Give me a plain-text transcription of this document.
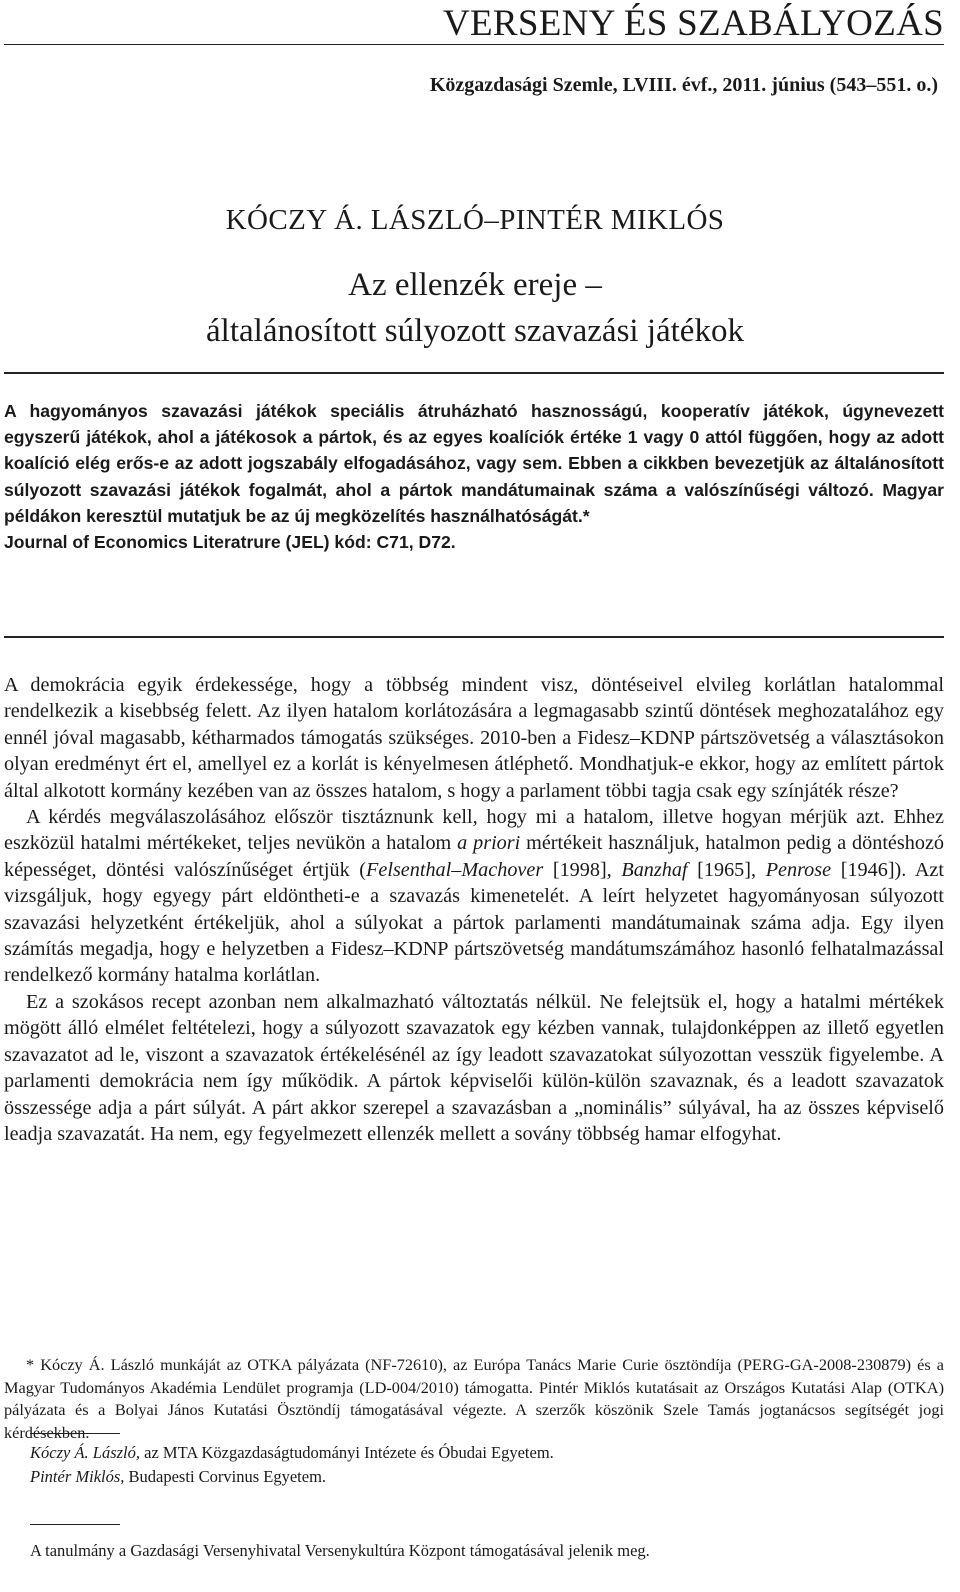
VERSENY ÉS SZABÁLYOZÁS
Közgazdasági Szemle, LVIII. évf., 2011. június (543–551. o.)
KÓCZY Á. LÁSZLÓ–PINTÉR MIKLÓS
Az ellenzék ereje –
általánosított súlyozott szavazási játékok

A hagyományos szavazási játékok speciális átruházható hasznosságú, kooperatív játékok, úgynevezett egyszerű játékok, ahol a játékosok a pártok, és az egyes koalíciók értéke 1 vagy 0 attól függően, hogy az adott koalíció elég erős-e az adott jogszabály elfogadásához, vagy sem. Ebben a cikkben bevezetjük az általánosított súlyozott szavazási játékok fogalmát, ahol a pártok mandátumainak száma a valószínűségi változó. Magyar példákon keresztül mutatjuk be az új megközelítés használhatóságát.*

Journal of Economics Literatrure (JEL) kód: C71, D72.

A demokrácia egyik érdekessége, hogy a többség mindent visz, döntéseivel elvileg korlátlan hatalommal rendelkezik a kisebbség felett. Az ilyen hatalom korlátozására a legmagasabb szintű döntések meghozatalához egy ennél jóval magasabb, kétharmados támogatás szükséges. 2010-ben a Fidesz–KDNP pártszövetség a választásokon olyan eredményt ért el, amellyel ez a korlát is kényelmesen átléphető. Mondhatjuk-e ekkor, hogy az említett pártok által alkotott kormány kezében van az összes hatalom, s hogy a parlament többi tagja csak egy színjáték része?

A kérdés megválaszolásához először tisztáznunk kell, hogy mi a hatalom, illetve hogyan mérjük azt. Ehhez eszközül hatalmi mértékeket, teljes nevükön a hatalom a priori mértékeit használjuk, hatalmon pedig a döntéshozó képességet, döntési valószínűséget értjük (Felsenthal–Machover [1998], Banzhaf [1965], Penrose [1946]). Azt vizsgáljuk, hogy egyegy párt eldöntheti-e a szavazás kimenetelét. A leírt helyzetet hagyományosan súlyozott szavazási helyzetként értékeljük, ahol a súlyokat a pártok parlamenti mandátumainak száma adja. Egy ilyen számítás megadja, hogy e helyzetben a Fidesz–KDNP pártszövetség mandátumszámához hasonló felhatalmazással rendelkező kormány hatalma korlátlan.

Ez a szokásos recept azonban nem alkalmazható változtatás nélkül. Ne felejtsük el, hogy a hatalmi mértékek mögött álló elmélet feltételezi, hogy a súlyozott szavazatok egy kézben vannak, tulajdonképpen az illető egyetlen szavazatot ad le, viszont a szavazatok értékelésénél az így leadott szavazatokat súlyozottan vesszük figyelembe. A parlamenti demokrácia nem így működik. A pártok képviselői külön-külön szavaznak, és a leadott szavazatok összessége adja a párt súlyát. A párt akkor szerepel a szavazásban a „nominális” súlyával, ha az összes képviselő leadja szavazatát. Ha nem, egy fegyelmezett ellenzék mellett a sovány többség hamar elfogyhat.

* Kóczy Á. László munkáját az OTKA pályázata (NF-72610), az Európa Tanács Marie Curie ösztöndíja (PERG-GA-2008-230879) és a Magyar Tudományos Akadémia Lendület programja (LD-004/2010) támogatta. Pintér Miklós kutatásait az Országos Kutatási Alap (OTKA) pályázata és a Bolyai János Kutatási Ösztöndíj támogatásával végezte. A szerzők köszönik Szele Tamás jogtanácsos segítségét jogi kérdésekben.

Kóczy Á. László, az MTA Közgazdaságtudományi Intézete és Óbudai Egyetem.
Pintér Miklós, Budapesti Corvinus Egyetem.
A tanulmány a Gazdasági Versenyhivatal Versenykultúra Központ támogatásával jelenik meg.
